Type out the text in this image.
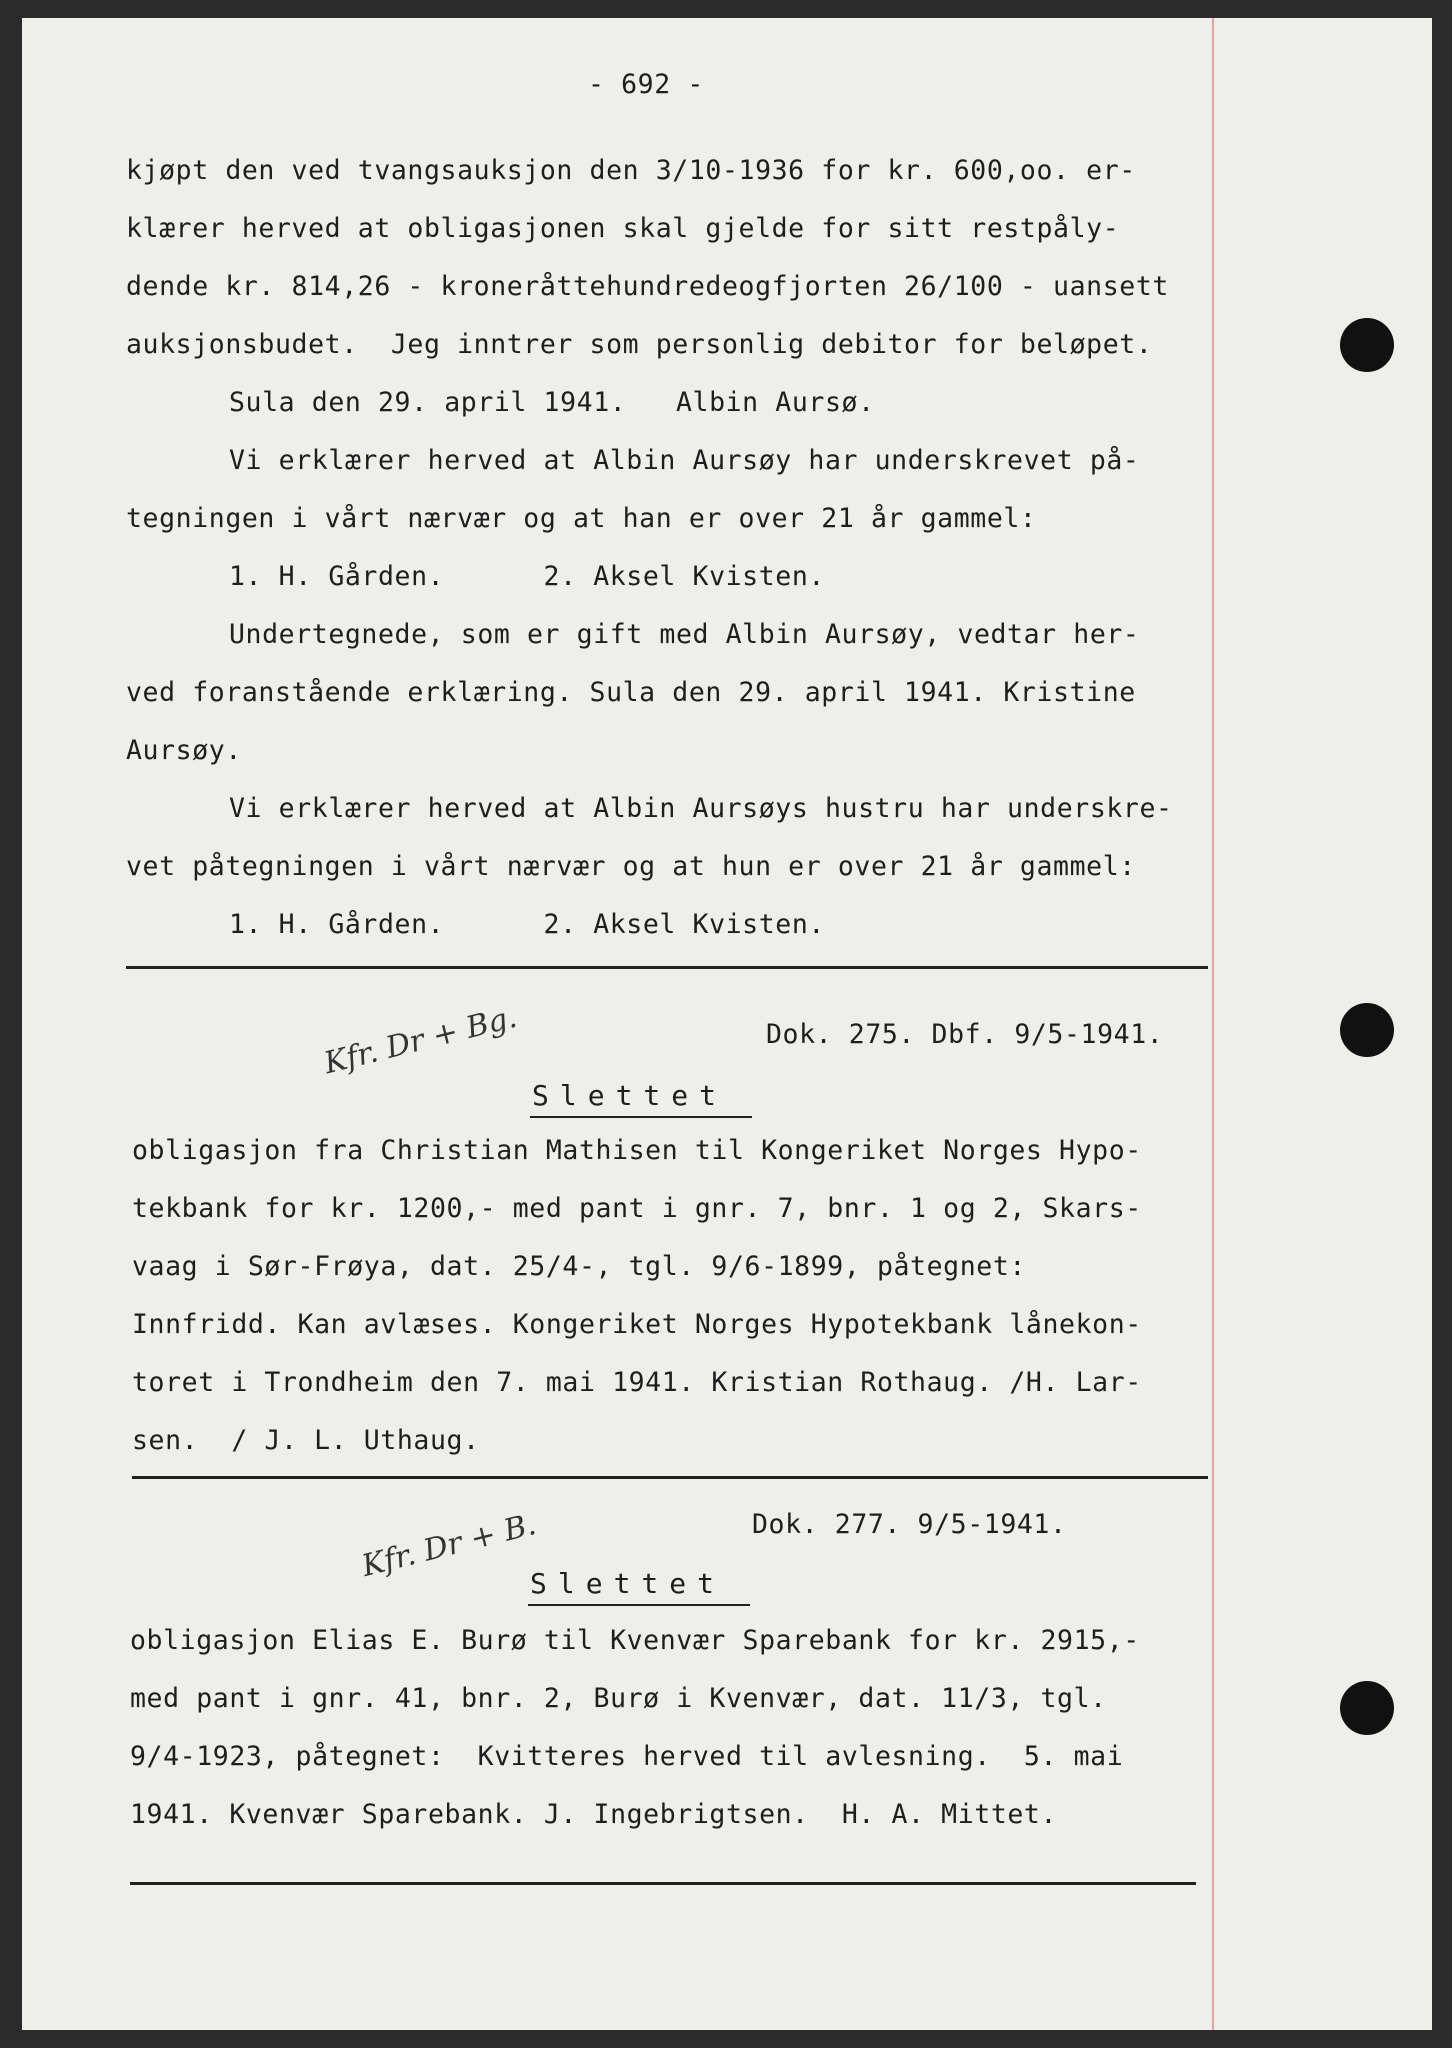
- 692 -
kjøpt den ved tvangsauksjon den 3/10-1936 for kr. 600,oo. er-
klærer herved at obligasjonen skal gjelde for sitt restpåly-
dende kr. 814,26 - kroneråttehundredeogfjorten 26/100 - uansett
auksjonsbudet.  Jeg inntrer som personlig debitor for beløpet.
Sula den 29. april 1941.   Albin Aursø.
Vi erklærer herved at Albin Aursøy har underskrevet på-
tegningen i vårt nærvær og at han er over 21 år gammel:
1. H. Gården.      2. Aksel Kvisten.
Undertegnede, som er gift med Albin Aursøy, vedtar her-
ved foranstående erklæring. Sula den 29. april 1941. Kristine
Aursøy.
Vi erklærer herved at Albin Aursøys hustru har underskre-
vet påtegningen i vårt nærvær og at hun er over 21 år gammel:
1. H. Gården.      2. Aksel Kvisten.
Kfr. Dr + Bg.	Dok. 275. Dbf. 9/5-1941.
Slettet
obligasjon fra Christian Mathisen til Kongeriket Norges Hypo-
tekbank for kr. 1200,- med pant i gnr. 7, bnr. 1 og 2, Skars-
vaag i Sør-Frøya, dat. 25/4-, tgl. 9/6-1899, påtegnet:
Innfridd. Kan avlæses. Kongeriket Norges Hypotekbank lånekon-
toret i Trondheim den 7. mai 1941. Kristian Rothaug. /H. Lar-
sen.  / J. L. Uthaug.
Kfr. Dr + B.	Dok. 277. 9/5-1941.
Slettet
obligasjon Elias E. Burø til Kvenvær Sparebank for kr. 2915,-
med pant i gnr. 41, bnr. 2, Burø i Kvenvær, dat. 11/3, tgl.
9/4-1923, påtegnet:  Kvitteres herved til avlesning.  5. mai
1941. Kvenvær Sparebank. J. Ingebrigtsen.  H. A. Mittet.
